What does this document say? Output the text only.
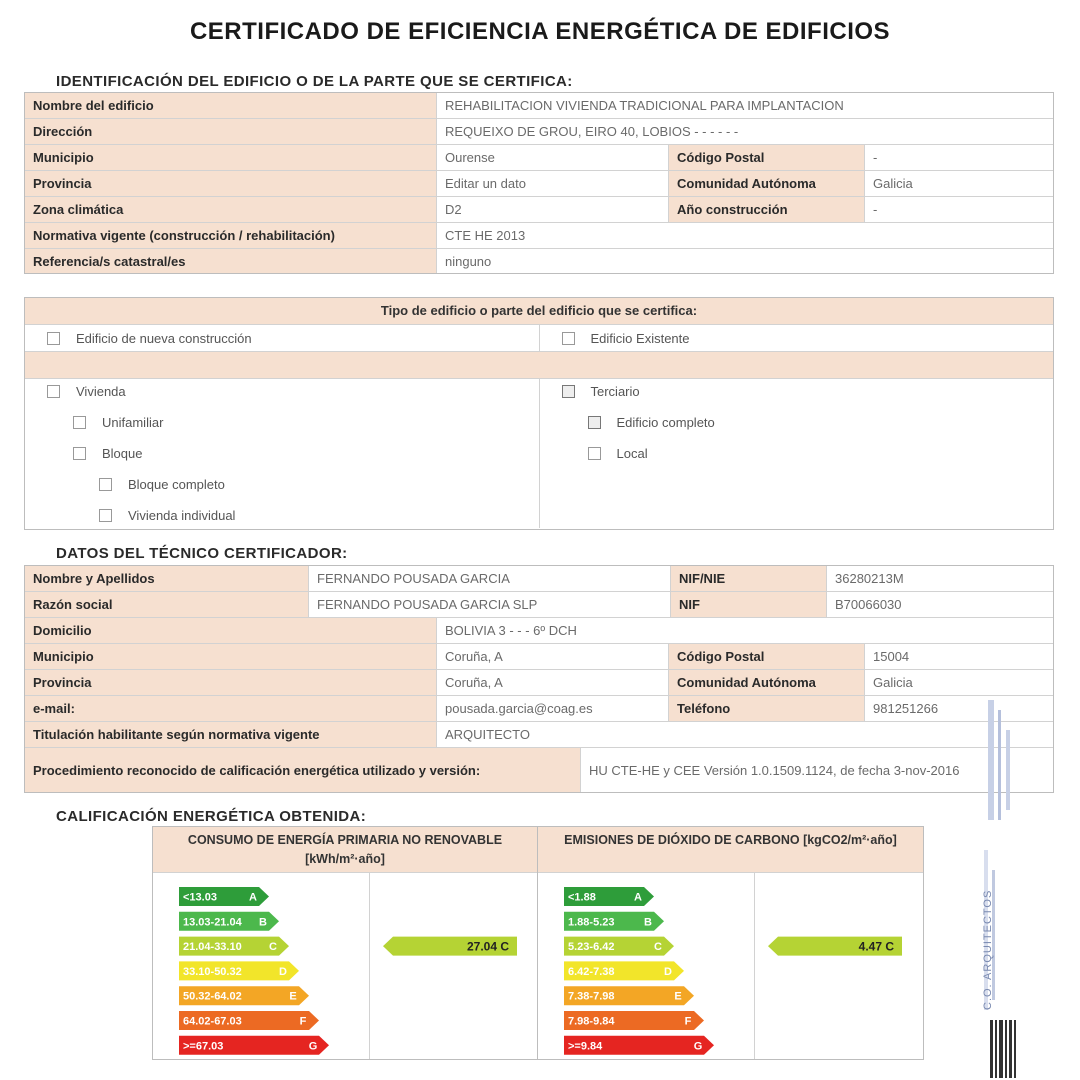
CERTIFICADO DE EFICIENCIA ENERGÉTICA DE EDIFICIOS
IDENTIFICACIÓN DEL EDIFICIO O DE LA PARTE QUE SE CERTIFICA:
Nombre del edificio	REHABILITACION VIVIENDA TRADICIONAL PARA IMPLANTACION
Dirección	REQUEIXO DE GROU, EIRO 40, LOBIOS - - - - - -
Municipio	Ourense	Código Postal	-
Provincia	Editar un dato	Comunidad Autónoma	Galicia
Zona climática	D2	Año construcción	-
Normativa vigente (construcción / rehabilitación)	CTE HE 2013
Referencia/s catastral/es	ninguno
Tipo de edificio o parte del edificio que se certifica:
Edificio de nueva construcción	Edificio Existente
Vivienda
Unifamiliar
Bloque
Bloque completo
Vivienda individual
Terciario
Edificio completo
Local
DATOS DEL TÉCNICO CERTIFICADOR:
Nombre y Apellidos	FERNANDO POUSADA GARCIA	NIF/NIE	36280213M
Razón social	FERNANDO POUSADA GARCIA SLP	NIF	B70066030
Domicilio	BOLIVIA 3 - - - 6º DCH
Municipio	Coruña, A	Código Postal	15004
Provincia	Coruña, A	Comunidad Autónoma	Galicia
e-mail:	pousada.garcia@coag.es	Teléfono	981251266
Titulación habilitante según normativa vigente	ARQUITECTO
Procedimiento reconocido de calificación energética utilizado y versión:	HU CTE-HE y CEE Versión 1.0.1509.1124, de fecha 3-nov-2016
CALIFICACIÓN ENERGÉTICA OBTENIDA:
CONSUMO DE ENERGÍA PRIMARIA NO RENOVABLE [kWh/m²·año]
<13.03	A
13.03-21.04 B
21.04-33.10 C
33.10-50.32	D
50.32-64.02	E
64.02-67.03	F
>=67.03	G
27.04 C
EMISIONES DE DIÓXIDO DE CARBONO [kgCO2/m²·año]
<1.88	A
1.88-5.23	B
5.23-6.42	C
6.42-7.38	D
7.38-7.98	E
7.98-9.84	F
>=9.84	G
4.47 C	C.O. ARQUITECTOS
